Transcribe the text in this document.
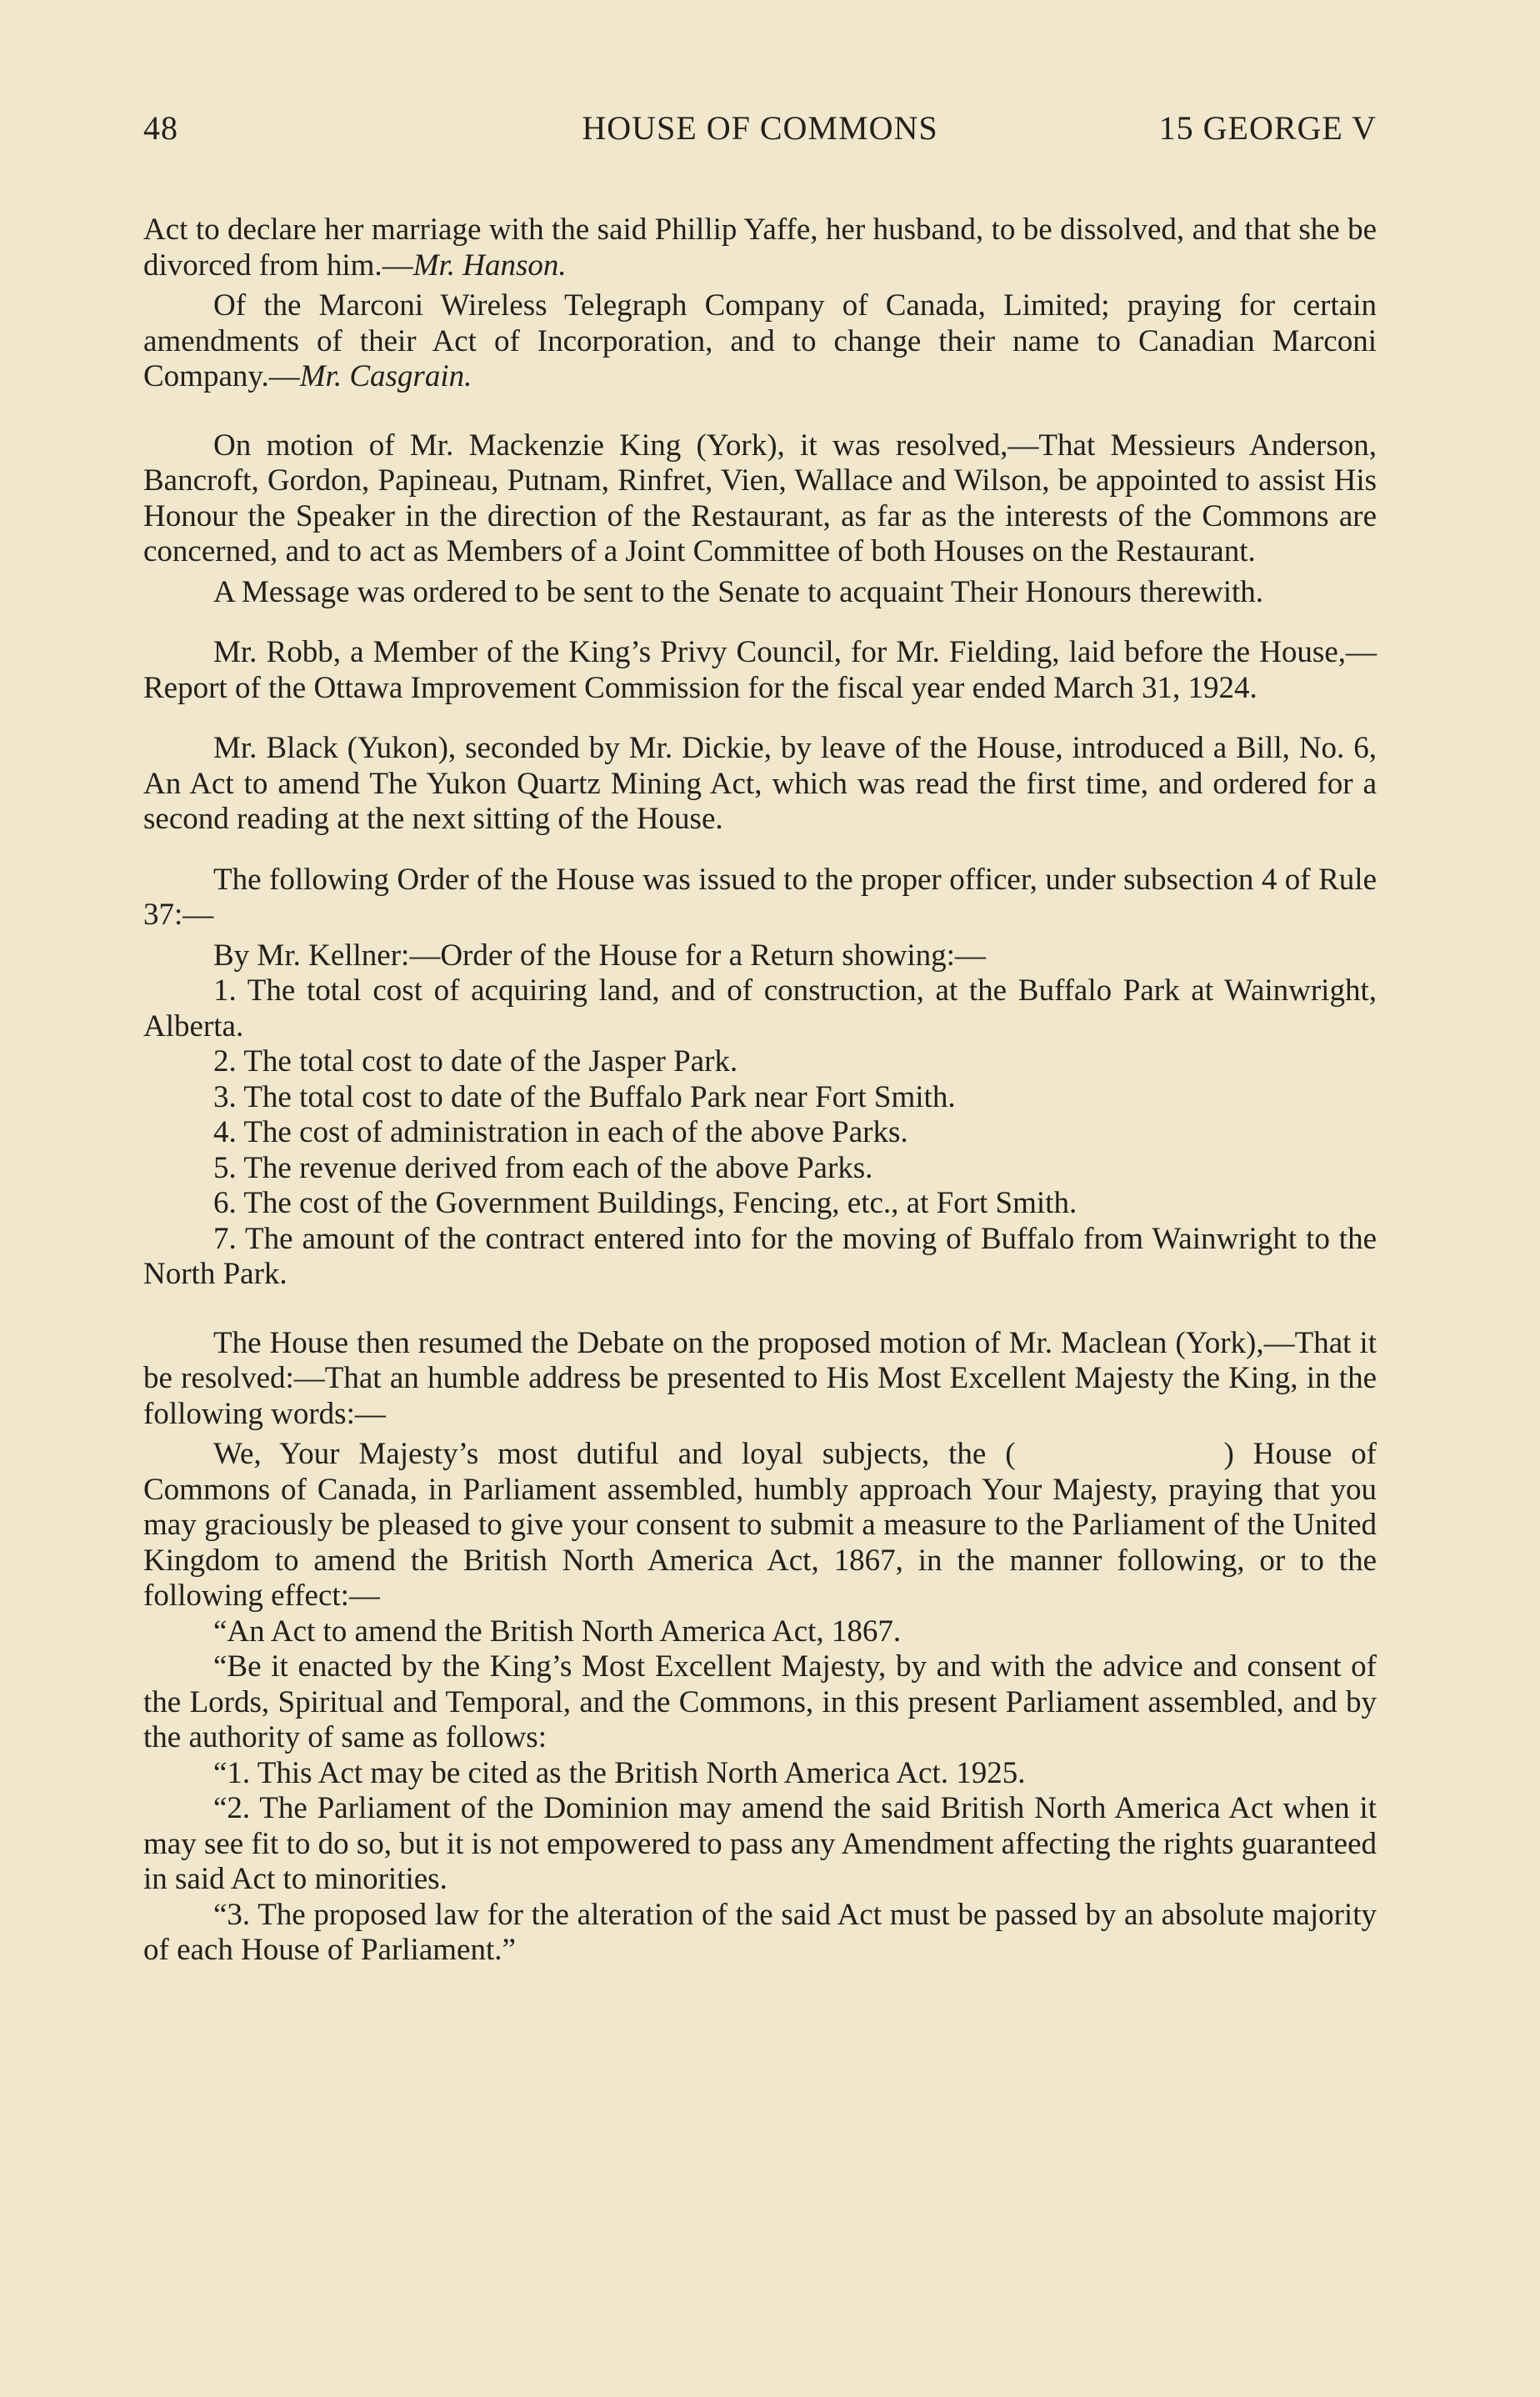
48	HOUSE OF COMMONS	15 GEORGE V

Act to declare her marriage with the said Phillip Yaffe, her husband, to be dissolved, and that she be divorced from him.—Mr. Hanson.

Of the Marconi Wireless Telegraph Company of Canada, Limited; praying for certain amendments of their Act of Incorporation, and to change their name to Canadian Marconi Company.—Mr. Casgrain.

On motion of Mr. Mackenzie King (York), it was resolved,—That Messieurs Anderson, Bancroft, Gordon, Papineau, Putnam, Rinfret, Vien, Wallace and Wilson, be appointed to assist His Honour the Speaker in the direction of the Restaurant, as far as the interests of the Commons are concerned, and to act as Members of a Joint Committee of both Houses on the Restaurant.

A Message was ordered to be sent to the Senate to acquaint Their Honours therewith.

Mr. Robb, a Member of the King’s Privy Council, for Mr. Fielding, laid before the House,—Report of the Ottawa Improvement Commission for the fiscal year ended March 31, 1924.

Mr. Black (Yukon), seconded by Mr. Dickie, by leave of the House, introduced a Bill, No. 6, An Act to amend The Yukon Quartz Mining Act, which was read the first time, and ordered for a second reading at the next sitting of the House.

The following Order of the House was issued to the proper officer, under subsection 4 of Rule 37:—

By Mr. Kellner:—Order of the House for a Return showing:—

1. The total cost of acquiring land, and of construction, at the Buffalo Park at Wainwright, Alberta.

2. The total cost to date of the Jasper Park.

3. The total cost to date of the Buffalo Park near Fort Smith.

4. The cost of administration in each of the above Parks.

5. The revenue derived from each of the above Parks.

6. The cost of the Government Buildings, Fencing, etc., at Fort Smith.

7. The amount of the contract entered into for the moving of Buffalo from Wainwright to the North Park.

The House then resumed the Debate on the proposed motion of Mr. Maclean (York),—That it be resolved:—That an humble address be presented to His Most Excellent Majesty the King, in the following words:—

We, Your Majesty’s most dutiful and loyal subjects, the (	) House of Commons of Canada, in Parliament assembled, humbly approach Your Majesty, praying that you may graciously be pleased to give your consent to submit a measure to the Parliament of the United Kingdom to amend the British North America Act, 1867, in the manner following, or to the following effect:—

“An Act to amend the British North America Act, 1867.

“Be it enacted by the King’s Most Excellent Majesty, by and with the advice and consent of the Lords, Spiritual and Temporal, and the Commons, in this present Parliament assembled, and by the authority of same as follows:

“1. This Act may be cited as the British North America Act. 1925.

“2. The Parliament of the Dominion may amend the said British North America Act when it may see fit to do so, but it is not empowered to pass any Amendment affecting the rights guaranteed in said Act to minorities.

“3. The proposed law for the alteration of the said Act must be passed by an absolute majority of each House of Parliament.”
